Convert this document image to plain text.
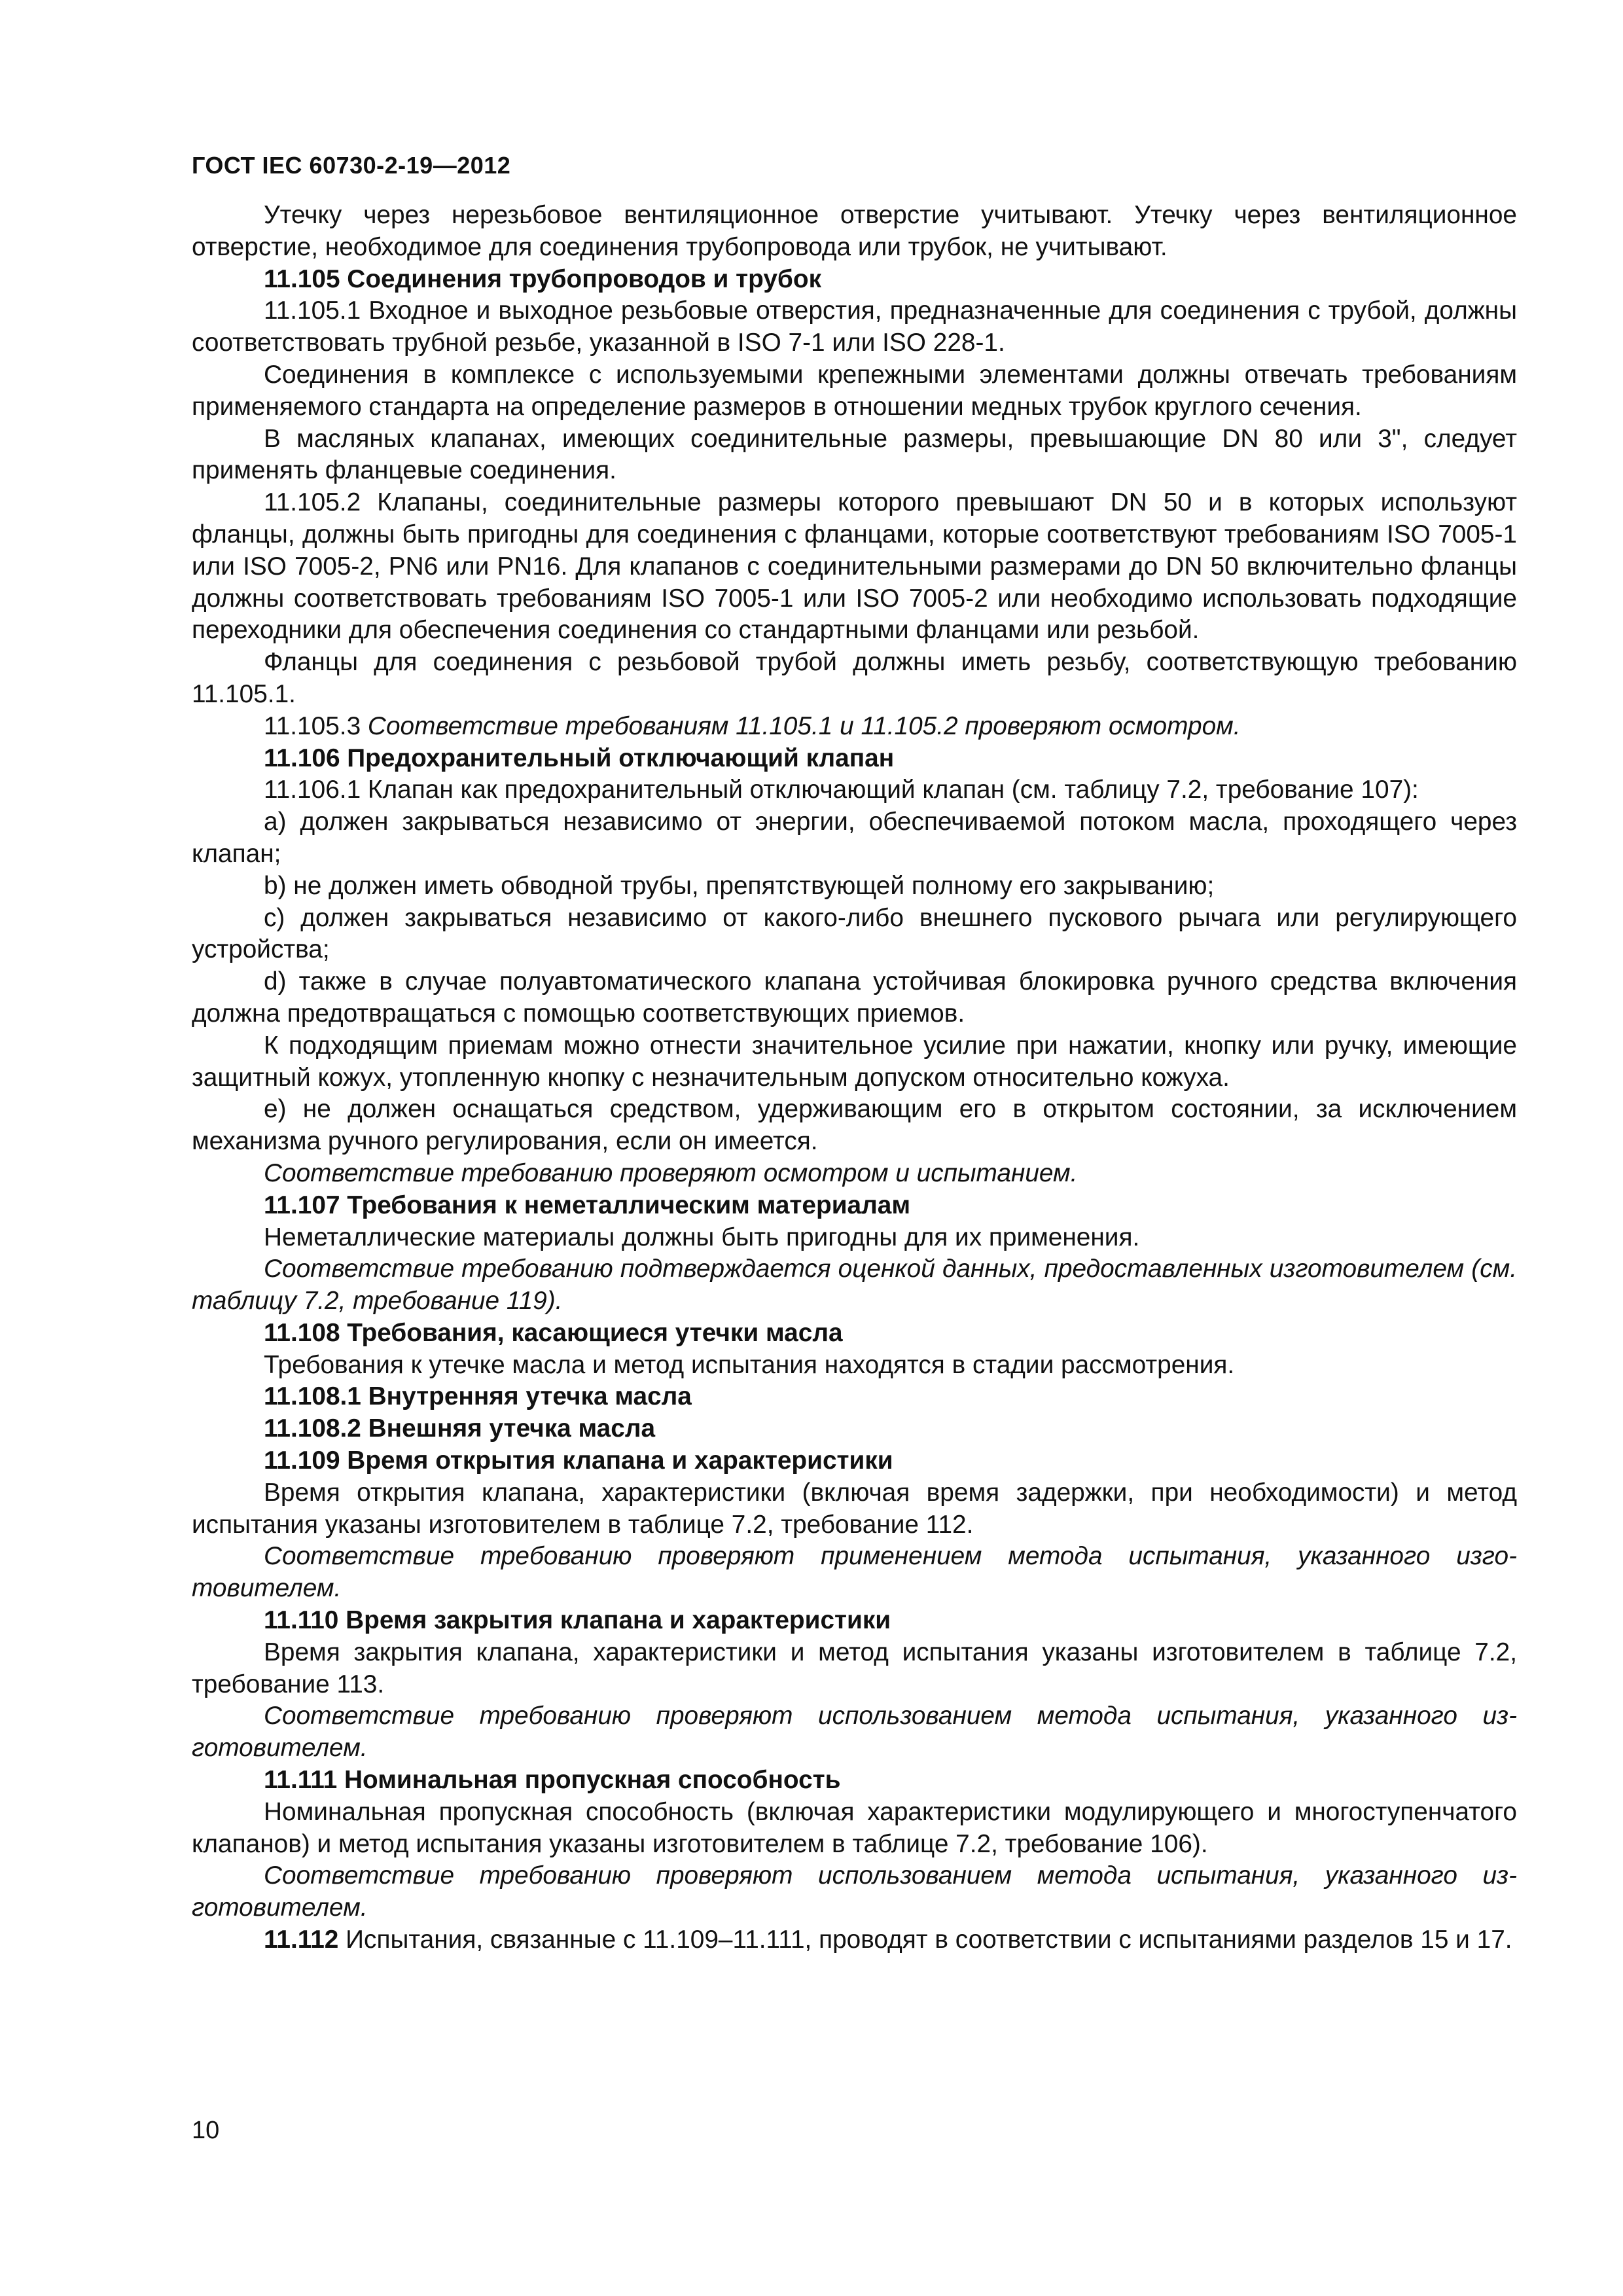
ГОСТ IEC 60730-2-19—2012

Утечку через нерезьбовое вентиляционное отверстие учитывают. Утечку через вентиляционное отверстие, необходимое для соединения трубопровода или трубок, не учитывают.

11.105 Соединения трубопроводов и трубок

11.105.1 Входное и выходное резьбовые отверстия, предназначенные для соединения с трубой, должны соответствовать трубной резьбе, указанной в ISO 7-1 или ISO 228-1.

Соединения в комплексе с используемыми крепежными элементами должны отвечать требованиям применяемого стандарта на определение размеров в отношении медных трубок круглого сечения.

В масляных клапанах, имеющих соединительные размеры, превышающие DN 80 или 3", следует применять фланцевые соединения.

11.105.2 Клапаны, соединительные размеры которого превышают DN 50 и в которых используют фланцы, должны быть пригодны для соединения с фланцами, которые соответствуют требованиям ISO 7005-1 или ISO 7005-2, PN6 или PN16. Для клапанов с соединительными размерами до DN 50 включительно фланцы должны соответствовать требованиям ISO 7005-1 или ISO 7005-2 или необходимо использовать подходящие переходники для обеспечения соединения со стандартными фланцами или резьбой.

Фланцы для соединения с резьбовой трубой должны иметь резьбу, соответствующую требованию 11.105.1.

11.105.3 Соответствие требованиям 11.105.1 и 11.105.2 проверяют осмотром.

11.106 Предохранительный отключающий клапан

11.106.1 Клапан как предохранительный отключающий клапан (см. таблицу 7.2, требование 107):

a) должен закрываться независимо от энергии, обеспечиваемой потоком масла, проходящего через клапан;

b) не должен иметь обводной трубы, препятствующей полному его закрыванию;

c) должен закрываться независимо от какого-либо внешнего пускового рычага или регулирующего устройства;

d) также в случае полуавтоматического клапана устойчивая блокировка ручного средства включения должна предотвращаться с помощью соответствующих приемов.

К подходящим приемам можно отнести значительное усилие при нажатии, кнопку или ручку, имеющие защитный кожух, утопленную кнопку с незначительным допуском относительно кожуха.

e) не должен оснащаться средством, удерживающим его в открытом состоянии, за исключением механизма ручного регулирования, если он имеется.

Соответствие требованию проверяют осмотром и испытанием.

11.107 Требования к неметаллическим материалам

Неметаллические материалы должны быть пригодны для их применения.

Соответствие требованию подтверждается оценкой данных, предоставленных изготовителем (см. таблицу 7.2, требование 119).

11.108 Требования, касающиеся утечки масла

Требования к утечке масла и метод испытания находятся в стадии рассмотрения.

11.108.1 Внутренняя утечка масла

11.108.2 Внешняя утечка масла

11.109 Время открытия клапана и характеристики

Время открытия клапана, характеристики (включая время задержки, при необходимости) и метод испытания указаны изготовителем в таблице 7.2, требование 112.

Соответствие требованию проверяют применением метода испытания, указанного изготовителем.

11.110 Время закрытия клапана и характеристики

Время закрытия клапана, характеристики и метод испытания указаны изготовителем в таблице 7.2, требование 113.

Соответствие требованию проверяют использованием метода испытания, указанного изготовителем.

11.111 Номинальная пропускная способность

Номинальная пропускная способность (включая характеристики модулирующего и многоступенчатого клапанов) и метод испытания указаны изготовителем в таблице 7.2, требование 106).

Соответствие требованию проверяют использованием метода испытания, указанного изготовителем.

11.112 Испытания, связанные с 11.109–11.111, проводят в соответствии с испытаниями разделов 15 и 17.

10
